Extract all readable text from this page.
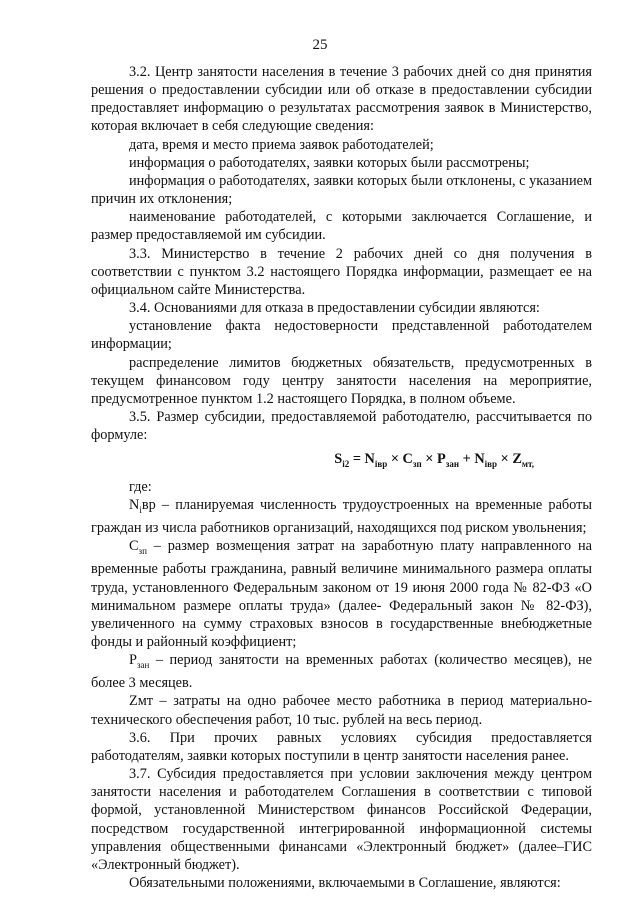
25

3.2. Центр занятости населения в течение 3 рабочих дней со дня принятия решения о предоставлении субсидии или об отказе в предоставлении субсидии предоставляет информацию о результатах рассмотрения заявок в Министерство, которая включает в себя следующие сведения:

дата, время и место приема заявок работодателей;

информация о работодателях, заявки которых были рассмотрены;

информация о работодателях, заявки которых были отклонены, с указанием причин их отклонения;

наименование работодателей, с которыми заключается Соглашение, и размер предоставляемой им субсидии.

3.3. Министерство в течение 2 рабочих дней со дня получения в соответствии с пунктом 3.2 настоящего Порядка информации, размещает ее на официальном сайте Министерства.

3.4. Основаниями для отказа в предоставлении субсидии являются:

установление факта недостоверности представленной работодателем информации;

распределение лимитов бюджетных обязательств, предусмотренных в текущем финансовом году центру занятости населения на мероприятие, предусмотренное пунктом 1.2 настоящего Порядка, в полном объеме.

3.5. Размер субсидии, предоставляемой работодателю, рассчитывается по формуле:

$S_{i2} = N_{iвр} \times C_{зп} \times P_{зан} + N_{iвр} \times Z_{мт,}$

где:

$N_iвр$ – планируемая численность трудоустроенных на временные работы граждан из числа работников организаций, находящихся под риском увольнения;

$C_{зп}$ – размер возмещения затрат на заработную плату направленного на временные работы гражданина, равный величине минимального размера оплаты труда, установленного Федеральным законом от 19 июня 2000 года № 82-ФЗ «О минимальном размере оплаты труда» (далее- Федеральный закон № 82-ФЗ), увеличенного на сумму страховых взносов в государственные внебюджетные фонды и районный коэффициент;

$P_{зан}$ – период занятости на временных работах (количество месяцев), не более 3 месяцев.

Zмт – затраты на одно рабочее место работника в период материально-технического обеспечения работ, 10 тыс. рублей на весь период.

3.6. При прочих равных условиях субсидия предоставляется работодателям, заявки которых поступили в центр занятости населения ранее.

3.7. Субсидия предоставляется при условии заключения между центром занятости населения и работодателем Соглашения в соответствии с типовой формой, установленной Министерством финансов Российской Федерации, посредством государственной интегрированной информационной системы управления общественными финансами «Электронный бюджет» (далее–ГИС «Электронный бюджет).

Обязательными положениями, включаемыми в Соглашение, являются:
